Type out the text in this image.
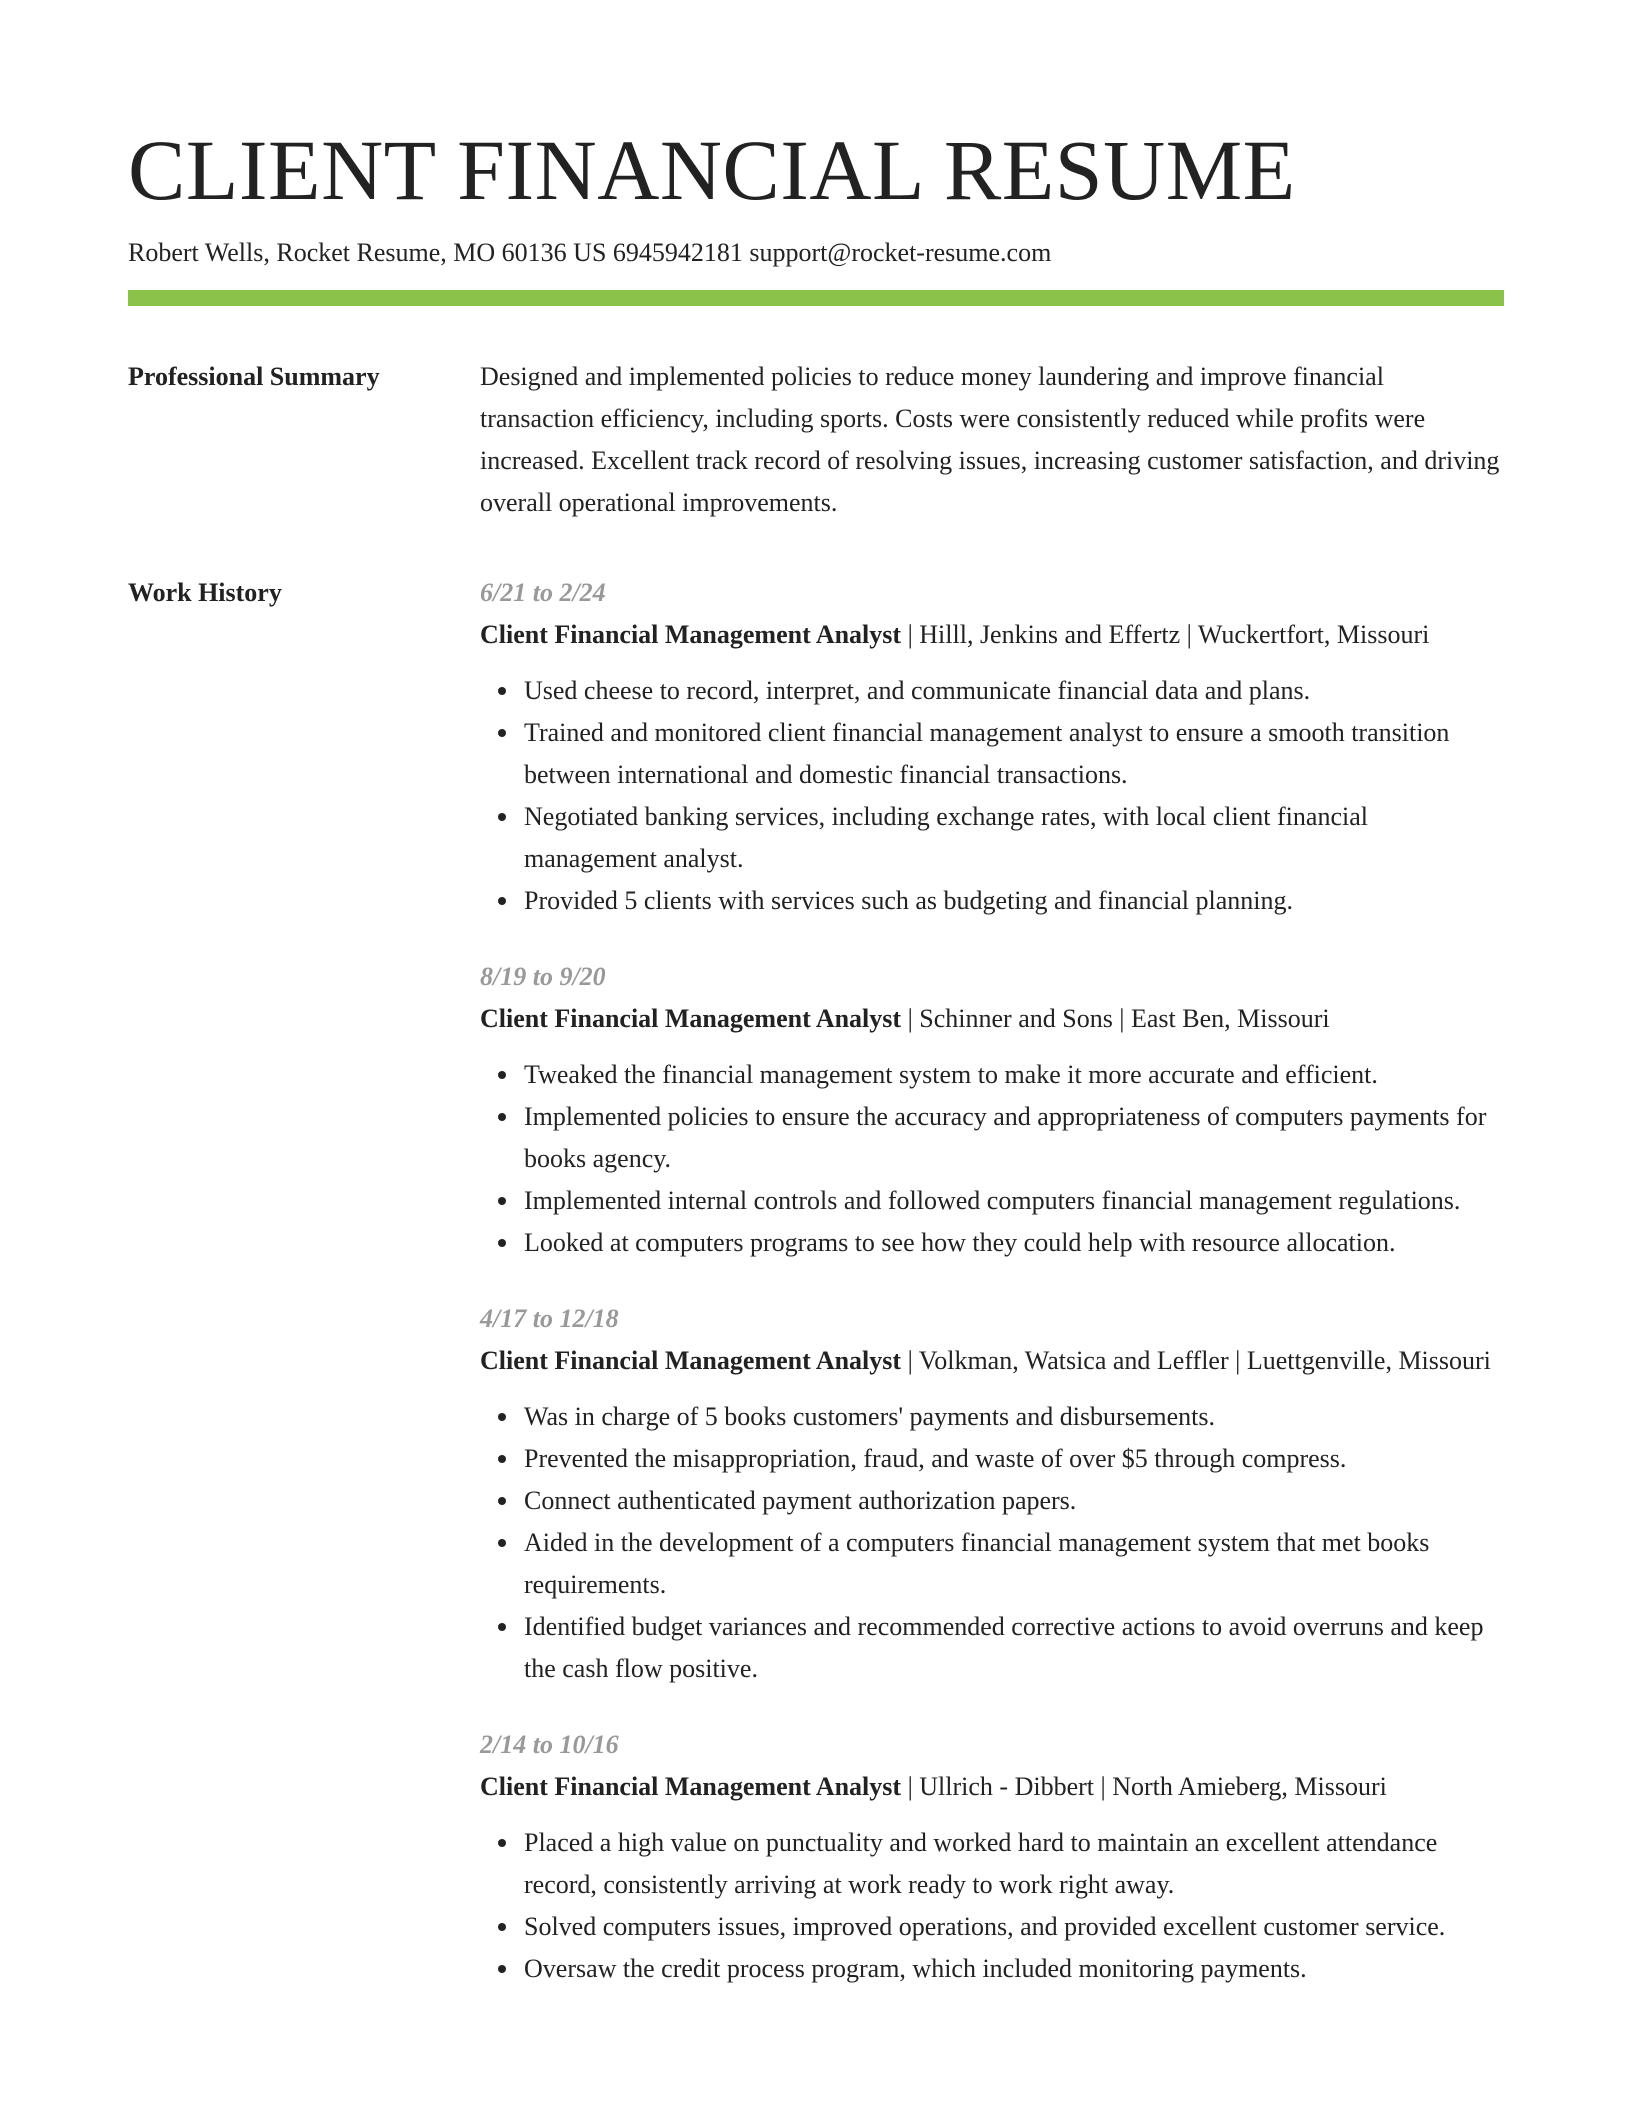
CLIENT FINANCIAL RESUME
Robert Wells, Rocket Resume, MO 60136 US 6945942181 support@rocket-resume.com
Professional Summary	Designed and implemented policies to reduce money laundering and improve financial transaction efficiency, including sports. Costs were consistently reduced while profits were increased. Excellent track record of resolving issues, increasing customer satisfaction, and driving overall operational improvements.

Work History	6/21 to 2/24
Client Financial Management Analyst | Hilll, Jenkins and Effertz | Wuckertfort, Missouri
Used cheese to record, interpret, and communicate financial data and plans.
Trained and monitored client financial management analyst to ensure a smooth transition between international and domestic financial transactions.
Negotiated banking services, including exchange rates, with local client financial management analyst.
Provided 5 clients with services such as budgeting and financial planning.
8/19 to 9/20
Client Financial Management Analyst | Schinner and Sons | East Ben, Missouri
Tweaked the financial management system to make it more accurate and efficient.
Implemented policies to ensure the accuracy and appropriateness of computers payments for books agency.
Implemented internal controls and followed computers financial management regulations.
Looked at computers programs to see how they could help with resource allocation.
4/17 to 12/18
Client Financial Management Analyst | Volkman, Watsica and Leffler | Luettgenville, Missouri
Was in charge of 5 books customers' payments and disbursements.
Prevented the misappropriation, fraud, and waste of over $5 through compress.
Connect authenticated payment authorization papers.
Aided in the development of a computers financial management system that met books requirements.
Identified budget variances and recommended corrective actions to avoid overruns and keep the cash flow positive.
2/14 to 10/16
Client Financial Management Analyst | Ullrich - Dibbert | North Amieberg, Missouri
Placed a high value on punctuality and worked hard to maintain an excellent attendance record, consistently arriving at work ready to work right away.
Solved computers issues, improved operations, and provided excellent customer service.
Oversaw the credit process program, which included monitoring payments.
